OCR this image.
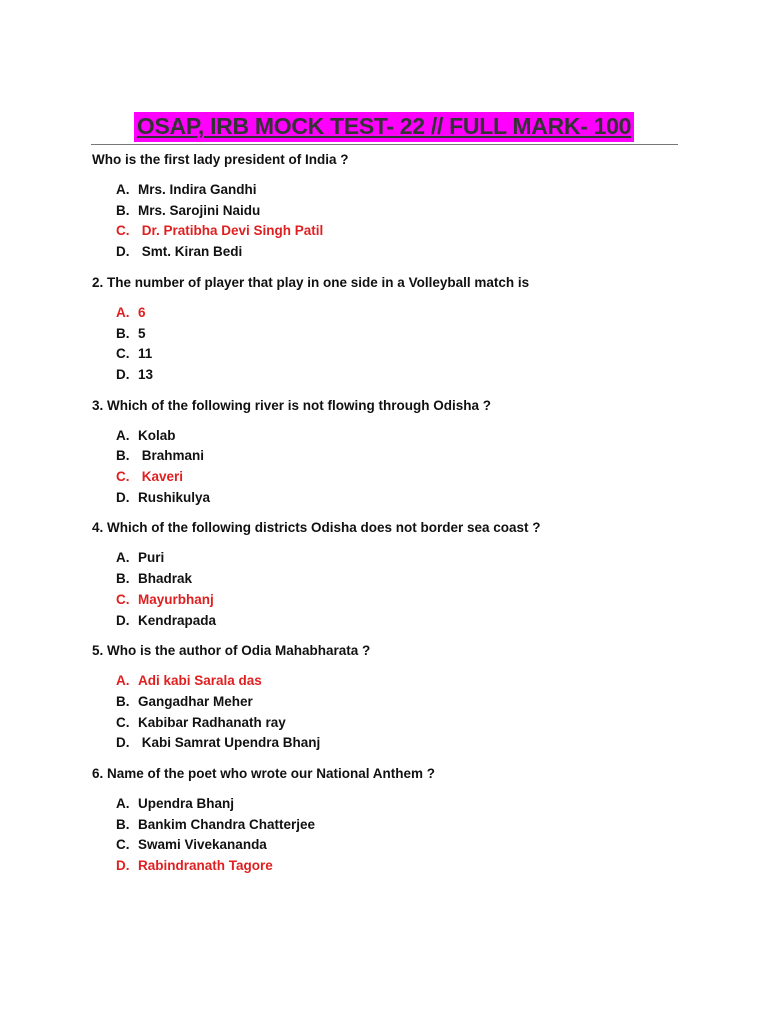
OSAP, IRB MOCK TEST- 22 // FULL MARK- 100
Who is the first lady president of India ?
A. Mrs. Indira Gandhi
B. Mrs. Sarojini Naidu
C. Dr. Pratibha Devi Singh Patil
D. Smt. Kiran Bedi
2. The number of player that play in one side in a Volleyball match is
A. 6
B. 5
C. 11
D. 13
3. Which of the following river is not flowing through Odisha ?
A. Kolab
B. Brahmani
C. Kaveri
D. Rushikulya
4. Which of the following districts Odisha does not border sea coast ?
A. Puri
B. Bhadrak
C. Mayurbhanj
D. Kendrapada
5. Who is the author of Odia Mahabharata ?
A. Adi kabi Sarala das
B. Gangadhar Meher
C. Kabibar Radhanath ray
D. Kabi Samrat Upendra Bhanj
6. Name of the poet who wrote our National Anthem ?
A. Upendra Bhanj
B. Bankim Chandra Chatterjee
C. Swami Vivekananda
D. Rabindranath Tagore
